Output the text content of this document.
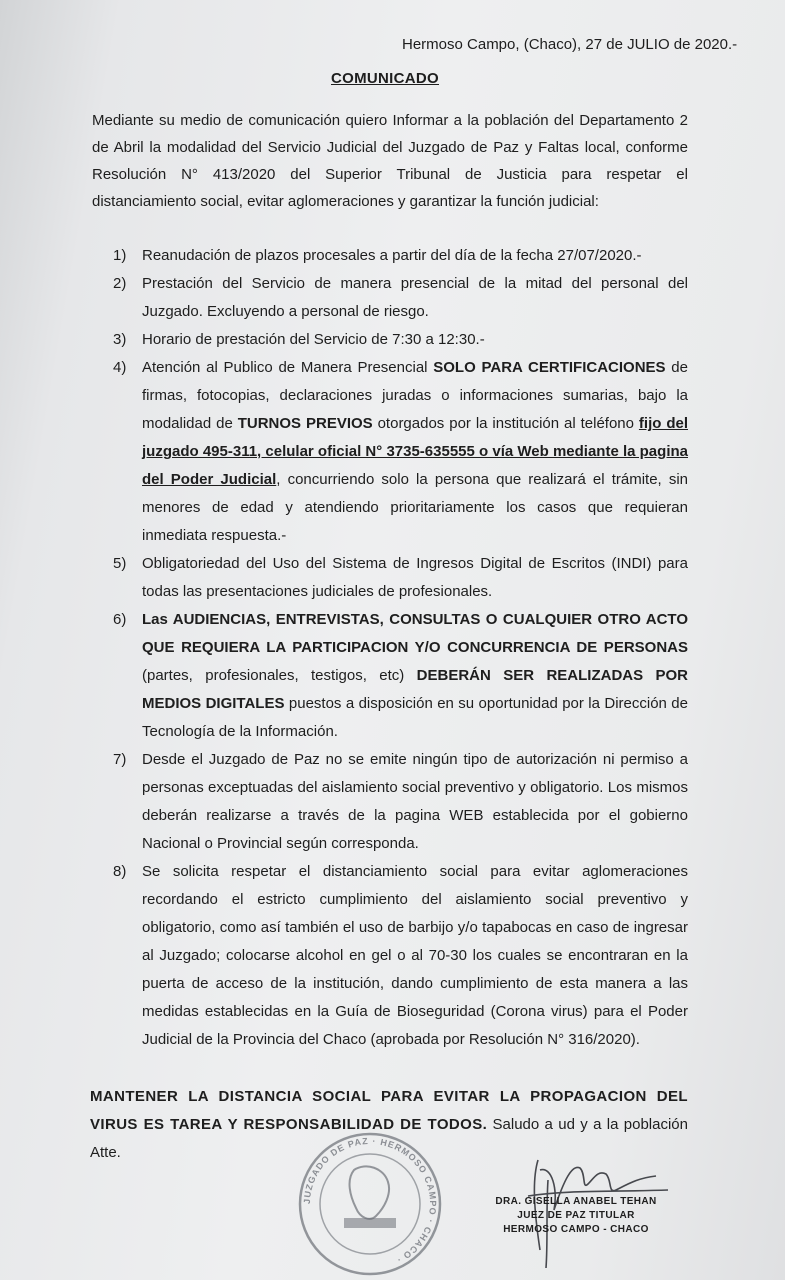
Hermoso Campo, (Chaco), 27 de JULIO de 2020.-
COMUNICADO
Mediante su medio de comunicación quiero Informar a la población del Departamento 2 de Abril la modalidad del Servicio Judicial del Juzgado de Paz y Faltas local, conforme Resolución N° 413/2020 del Superior Tribunal de Justicia para respetar el distanciamiento social, evitar aglomeraciones y garantizar la función judicial:
1) Reanudación de plazos procesales a partir del día de la fecha 27/07/2020.-
2) Prestación del Servicio de manera presencial de la mitad del personal del Juzgado. Excluyendo a personal de riesgo.
3) Horario de prestación del Servicio de 7:30 a 12:30.-
4) Atención al Publico de Manera Presencial SOLO PARA CERTIFICACIONES de firmas, fotocopias, declaraciones juradas o informaciones sumarias, bajo la modalidad de TURNOS PREVIOS otorgados por la institución al teléfono fijo del juzgado 495-311, celular oficial N° 3735-635555 o vía Web mediante la pagina del Poder Judicial, concurriendo solo la persona que realizará el trámite, sin menores de edad y atendiendo prioritariamente los casos que requieran inmediata respuesta.-
5) Obligatoriedad del Uso del Sistema de Ingresos Digital de Escritos (INDI) para todas las presentaciones judiciales de profesionales.
6) Las AUDIENCIAS, ENTREVISTAS, CONSULTAS O CUALQUIER OTRO ACTO QUE REQUIERA LA PARTICIPACION Y/O CONCURRENCIA DE PERSONAS (partes, profesionales, testigos, etc) DEBERÁN SER REALIZADAS POR MEDIOS DIGITALES puestos a disposición en su oportunidad por la Dirección de Tecnología de la Información.
7) Desde el Juzgado de Paz no se emite ningún tipo de autorización ni permiso a personas exceptuadas del aislamiento social preventivo y obligatorio. Los mismos deberán realizarse a través de la pagina WEB establecida por el gobierno Nacional o Provincial según corresponda.
8) Se solicita respetar el distanciamiento social para evitar aglomeraciones recordando el estricto cumplimiento del aislamiento social preventivo y obligatorio, como así también el uso de barbijo y/o tapabocas en caso de ingresar al Juzgado; colocarse alcohol en gel o al 70-30 los cuales se encontraran en la puerta de acceso de la institución, dando cumplimiento de esta manera a las medidas establecidas en la Guía de Bioseguridad (Corona virus) para el Poder Judicial de la Provincia del Chaco (aprobada por Resolución N° 316/2020).
MANTENER LA DISTANCIA SOCIAL PARA EVITAR LA PROPAGACION DEL VIRUS ES TAREA Y RESPONSABILIDAD DE TODOS. Saludo a ud y a la población Atte.
JUZGADO DE PAZ · HERMOSO CAMPO · CHACO ·
DRA. GISELLA ANABEL TEHAN
JUEZ DE PAZ TITULAR
HERMOSO CAMPO - CHACO
